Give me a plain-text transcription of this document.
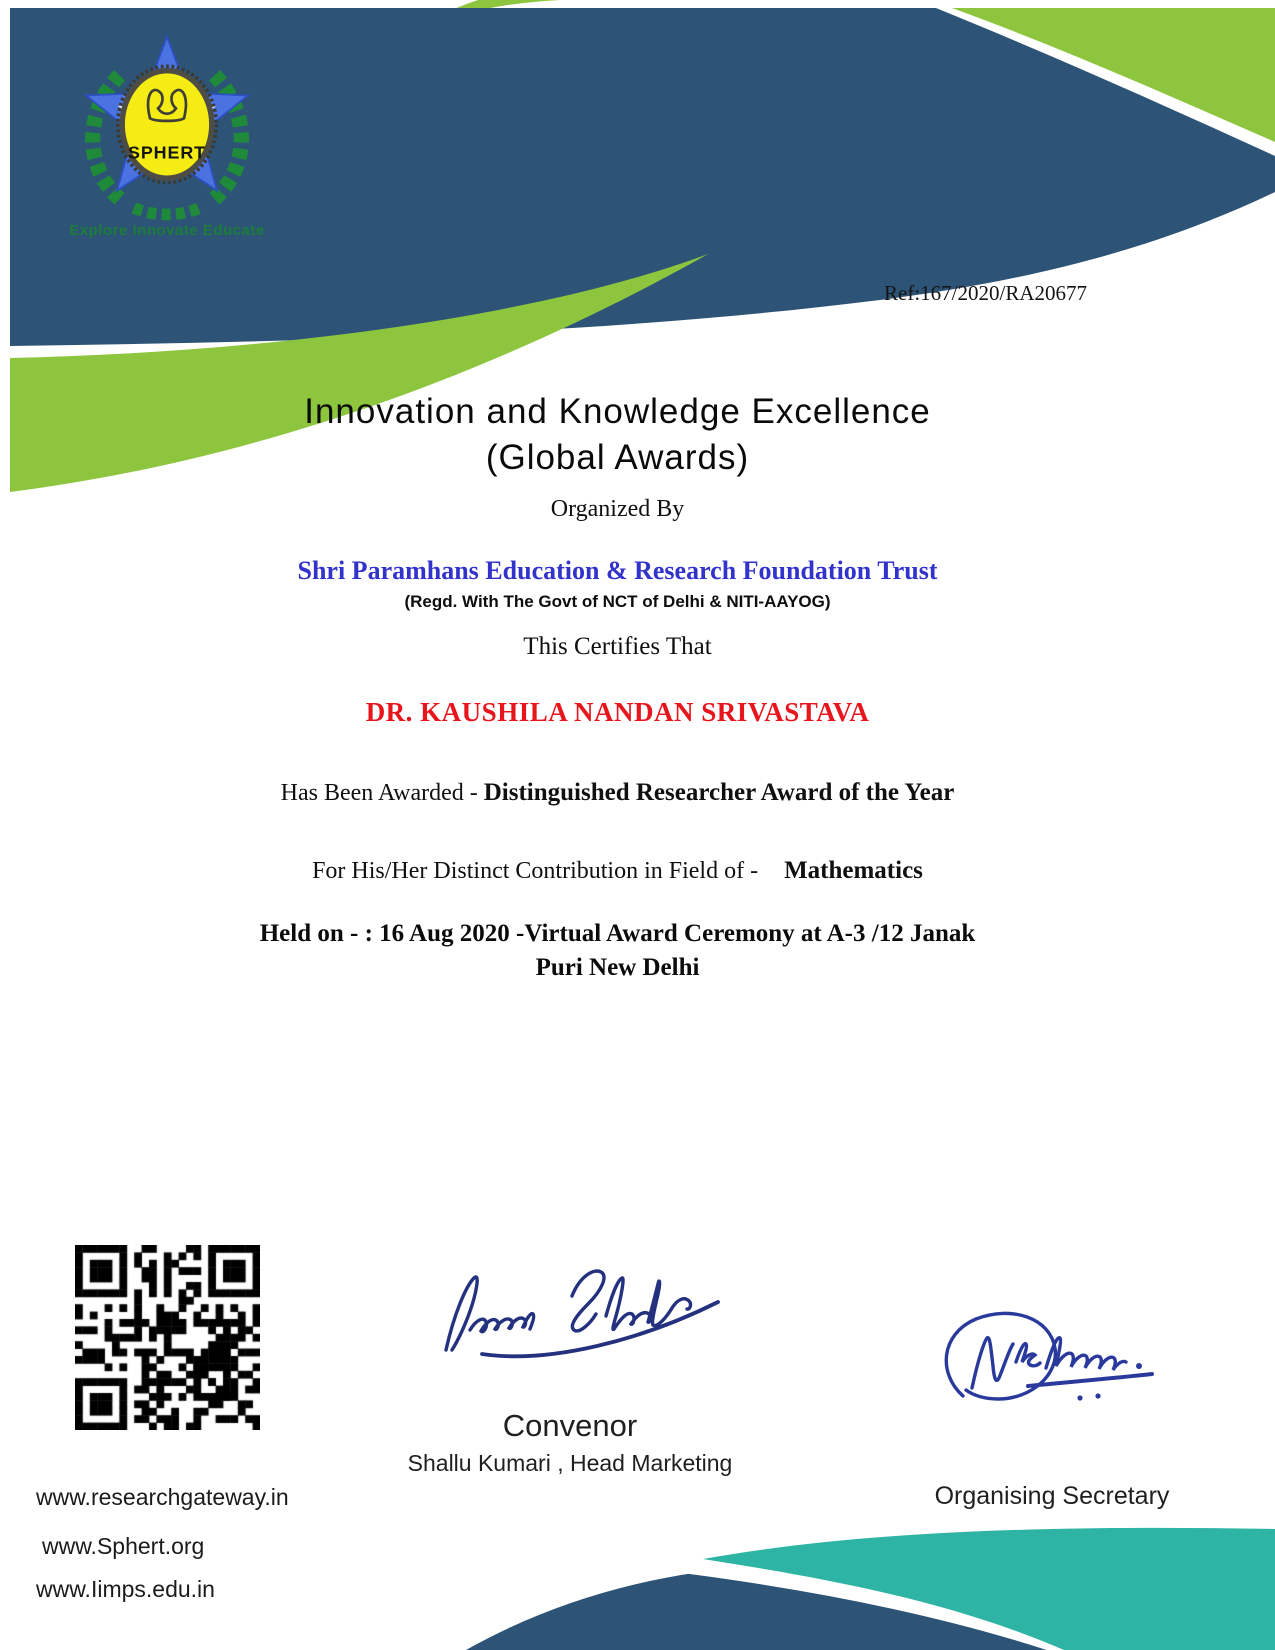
SPHERT
Explore Innovate Educate
Ref:167/2020/RA20677
Innovation and Knowledge Excellence
(Global Awards)
Organized By
Shri Paramhans Education & Research Foundation Trust
(Regd. With The Govt of NCT of Delhi & NITI-AAYOG)
This Certifies That
DR. KAUSHILA NANDAN SRIVASTAVA
Has Been Awarded - Distinguished Researcher Award of the Year
For His/Her Distinct Contribution in Field of - Mathematics
Held on - : 16 Aug 2020 -Virtual Award Ceremony at A-3 /12 Janak
Puri New Delhi
Convenor
Shallu Kumari , Head Marketing
Organising Secretary
www.researchgateway.in
www.Sphert.org
www.Iimps.edu.in
